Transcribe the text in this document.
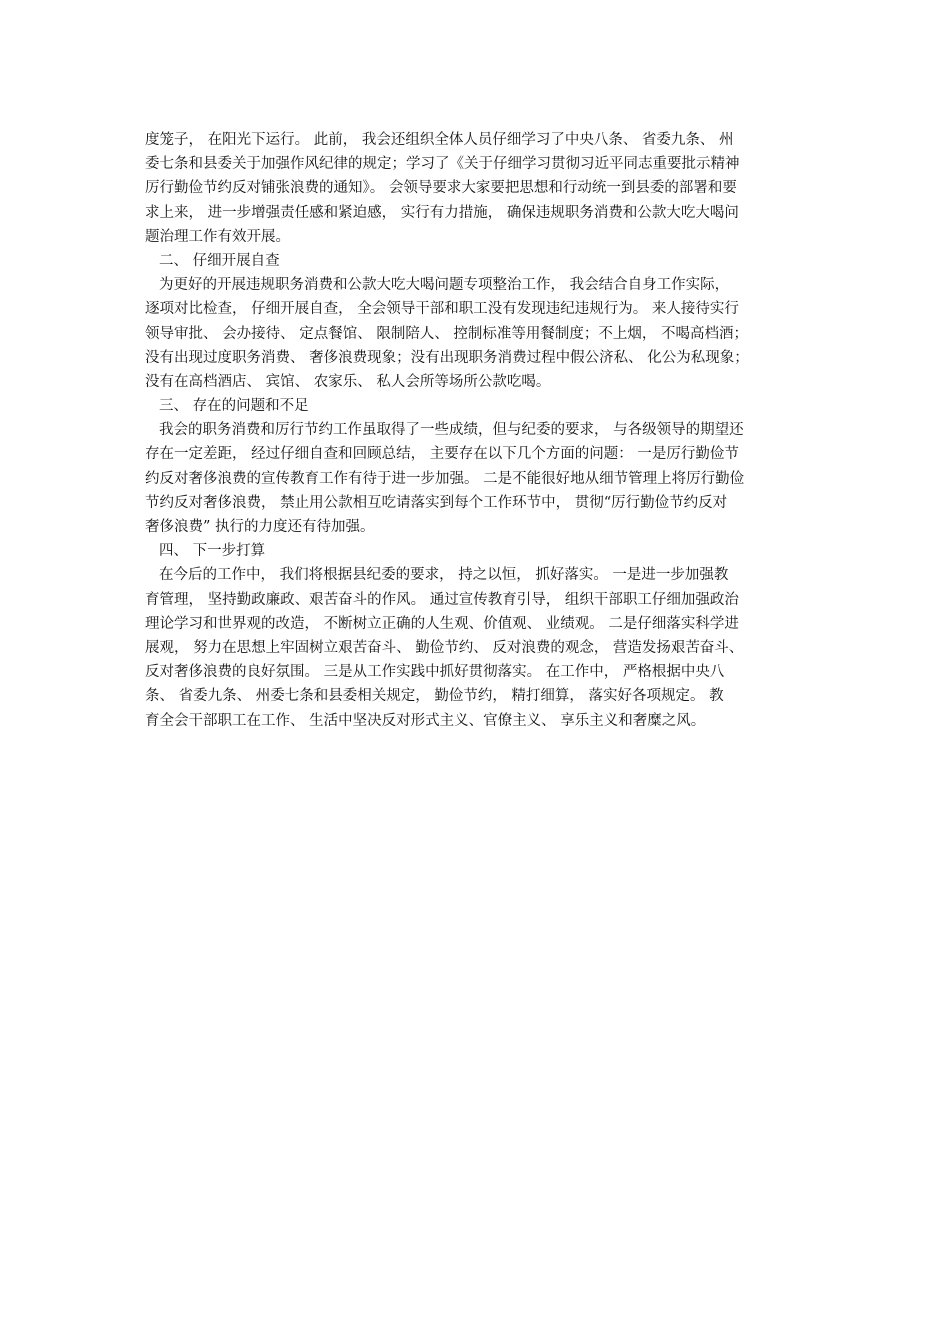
度笼子， 在阳光下运行。 此前， 我会还组织全体人员仔细学习了中央八条、 省委九条、 州
委七条和县委关于加强作风纪律的规定；学习了《关于仔细学习贯彻习近平同志重要批示精神
厉行勤俭节约反对铺张浪费的通知》。 会领导要求大家要把思想和行动统一到县委的部署和要
求上来， 进一步增强责任感和紧迫感， 实行有力措施， 确保违规职务消费和公款大吃大喝问
题治理工作有效开展。
二、 仔细开展自查
为更好的开展违规职务消费和公款大吃大喝问题专项整治工作， 我会结合自身工作实际，
逐项对比检查， 仔细开展自查， 全会领导干部和职工没有发现违纪违规行为。 来人接待实行
领导审批、 会办接待、 定点餐馆、 限制陪人、 控制标准等用餐制度；不上烟， 不喝高档酒；
没有出现过度职务消费、 奢侈浪费现象；没有出现职务消费过程中假公济私、 化公为私现象；
没有在高档酒店、 宾馆、 农家乐、 私人会所等场所公款吃喝。
三、 存在的问题和不足
我会的职务消费和厉行节约工作虽取得了一些成绩，但与纪委的要求， 与各级领导的期望还
存在一定差距， 经过仔细自查和回顾总结， 主要存在以下几个方面的问题： 一是厉行勤俭节
约反对奢侈浪费的宣传教育工作有待于进一步加强。 二是不能很好地从细节管理上将厉行勤俭
节约反对奢侈浪费， 禁止用公款相互吃请落实到每个工作环节中， 贯彻“厉行勤俭节约反对
奢侈浪费” 执行的力度还有待加强。
四、 下一步打算
在今后的工作中， 我们将根据县纪委的要求， 持之以恒， 抓好落实。 一是进一步加强教
育管理， 坚持勤政廉政、艰苦奋斗的作风。 通过宣传教育引导， 组织干部职工仔细加强政治
理论学习和世界观的改造， 不断树立正确的人生观、价值观、 业绩观。 二是仔细落实科学进
展观， 努力在思想上牢固树立艰苦奋斗、 勤俭节约、 反对浪费的观念， 营造发扬艰苦奋斗、
反对奢侈浪费的良好氛围。 三是从工作实践中抓好贯彻落实。 在工作中， 严格根据中央八
条、 省委九条、 州委七条和县委相关规定， 勤俭节约， 精打细算， 落实好各项规定。 教
育全会干部职工在工作、 生活中坚决反对形式主义、官僚主义、 享乐主义和奢糜之风。
